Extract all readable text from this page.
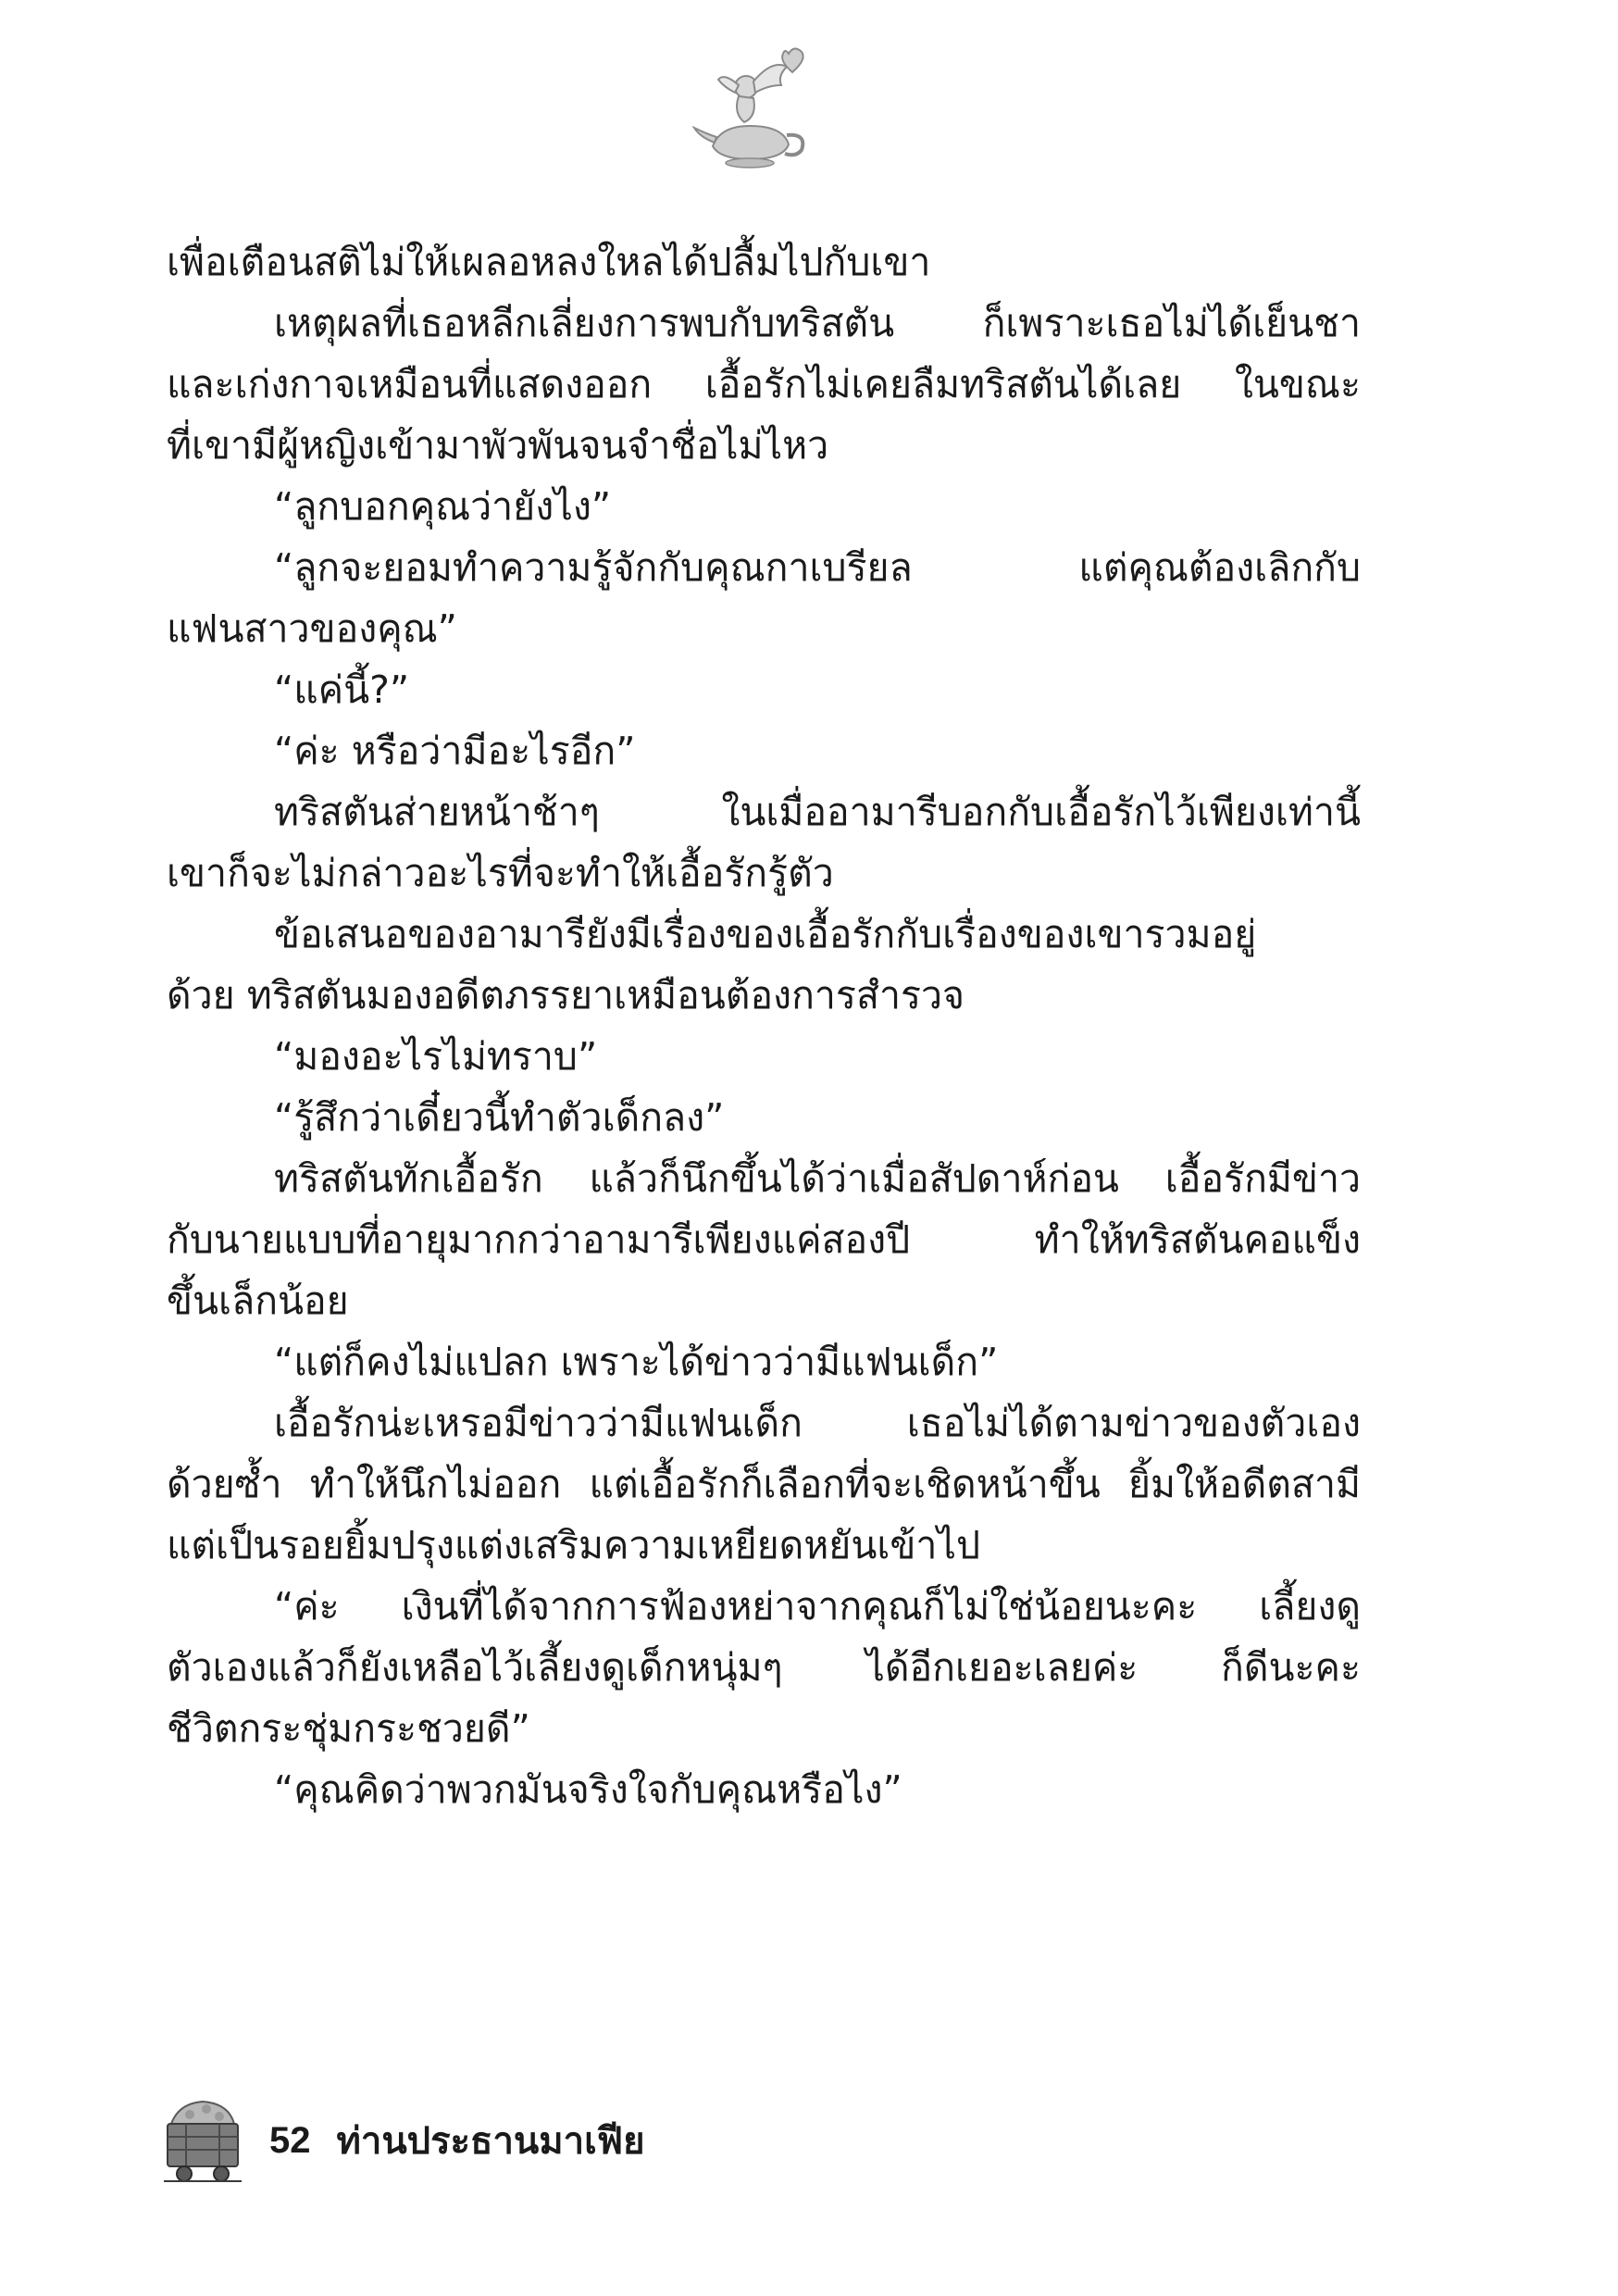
เพื่อเตือนสติไม่ให้เผลอหลงใหลได้ปลื้มไปกับเขา
เหตุผลที่เธอหลีกเลี่ยงการพบกับทริสตัน ก็เพราะเธอไม่ได้เย็นชา
และเก่งกาจเหมือนที่แสดงออก เอื้อรักไม่เคยลืมทริสตันได้เลย ในขณะ
ที่เขามีผู้หญิงเข้ามาพัวพันจนจำชื่อไม่ไหว
“ลูกบอกคุณว่ายังไง”
“ลูกจะยอมทำความรู้จักกับคุณกาเบรียล แต่คุณต้องเลิกกับ
แฟนสาวของคุณ”
“แค่นี้?”
“ค่ะ หรือว่ามีอะไรอีก”
ทริสตันส่ายหน้าช้าๆ ในเมื่ออามารีบอกกับเอื้อรักไว้เพียงเท่านี้
เขาก็จะไม่กล่าวอะไรที่จะทำให้เอื้อรักรู้ตัว
ข้อเสนอของอามารียังมีเรื่องของเอื้อรักกับเรื่องของเขารวมอยู่
ด้วย ทริสตันมองอดีตภรรยาเหมือนต้องการสำรวจ
“มองอะไรไม่ทราบ”
“รู้สึกว่าเดี๋ยวนี้ทำตัวเด็กลง”
ทริสตันทักเอื้อรัก แล้วก็นึกขึ้นได้ว่าเมื่อสัปดาห์ก่อน เอื้อรักมีข่าว
กับนายแบบที่อายุมากกว่าอามารีเพียงแค่สองปี ทำให้ทริสตันคอแข็ง
ขึ้นเล็กน้อย
“แต่ก็คงไม่แปลก เพราะได้ข่าวว่ามีแฟนเด็ก”
เอื้อรักน่ะเหรอมีข่าวว่ามีแฟนเด็ก เธอไม่ได้ตามข่าวของตัวเอง
ด้วยซ้ำ ทำให้นึกไม่ออก แต่เอื้อรักก็เลือกที่จะเชิดหน้าขึ้น ยิ้มให้อดีตสามี
แต่เป็นรอยยิ้มปรุงแต่งเสริมความเหยียดหยันเข้าไป
“ค่ะ เงินที่ได้จากการฟ้องหย่าจากคุณก็ไม่ใช่น้อยนะคะ เลี้ยงดู
ตัวเองแล้วก็ยังเหลือไว้เลี้ยงดูเด็กหนุ่มๆ ได้อีกเยอะเลยค่ะ ก็ดีนะคะ
ชีวิตกระชุ่มกระชวยดี”
“คุณคิดว่าพวกมันจริงใจกับคุณหรือไง”
52 ท่านประธานมาเฟีย
